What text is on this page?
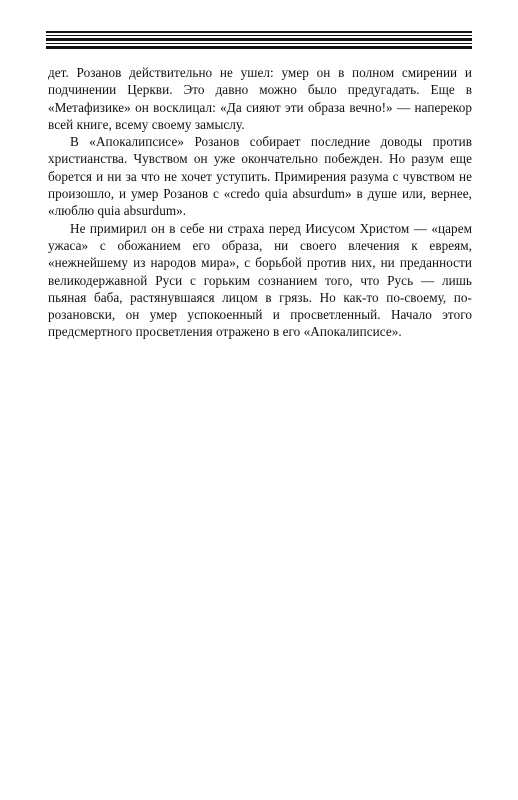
дет. Розанов действительно не ушел: умер он в полном смирении и подчинении Церкви. Это давно можно было предугадать. Еще в «Метафизике» он восклицал: «Да сияют эти образа вечно!» — наперекор всей книге, всему своему замыслу.

В «Апокалипсисе» Розанов собирает последние доводы против христианства. Чувством он уже окончательно побежден. Но разум еще борется и ни за что не хочет уступить. Примирения разума с чувством не произошло, и умер Розанов с «credo quia absurdum» в душе или, вернее, «люблю quia absurdum».

Не примирил он в себе ни страха перед Иисусом Христом — «царем ужаса» с обожанием его образа, ни своего влечения к евреям, «нежнейшему из народов мира», с борьбой против них, ни преданности великодержавной Руси с горьким сознанием того, что Русь — лишь пьяная баба, растянувшаяся лицом в грязь. Но как-то по-своему, по-розановски, он умер успокоенный и просветленный. Начало этого предсмертного просветления отражено в его «Апокалипсисе».
